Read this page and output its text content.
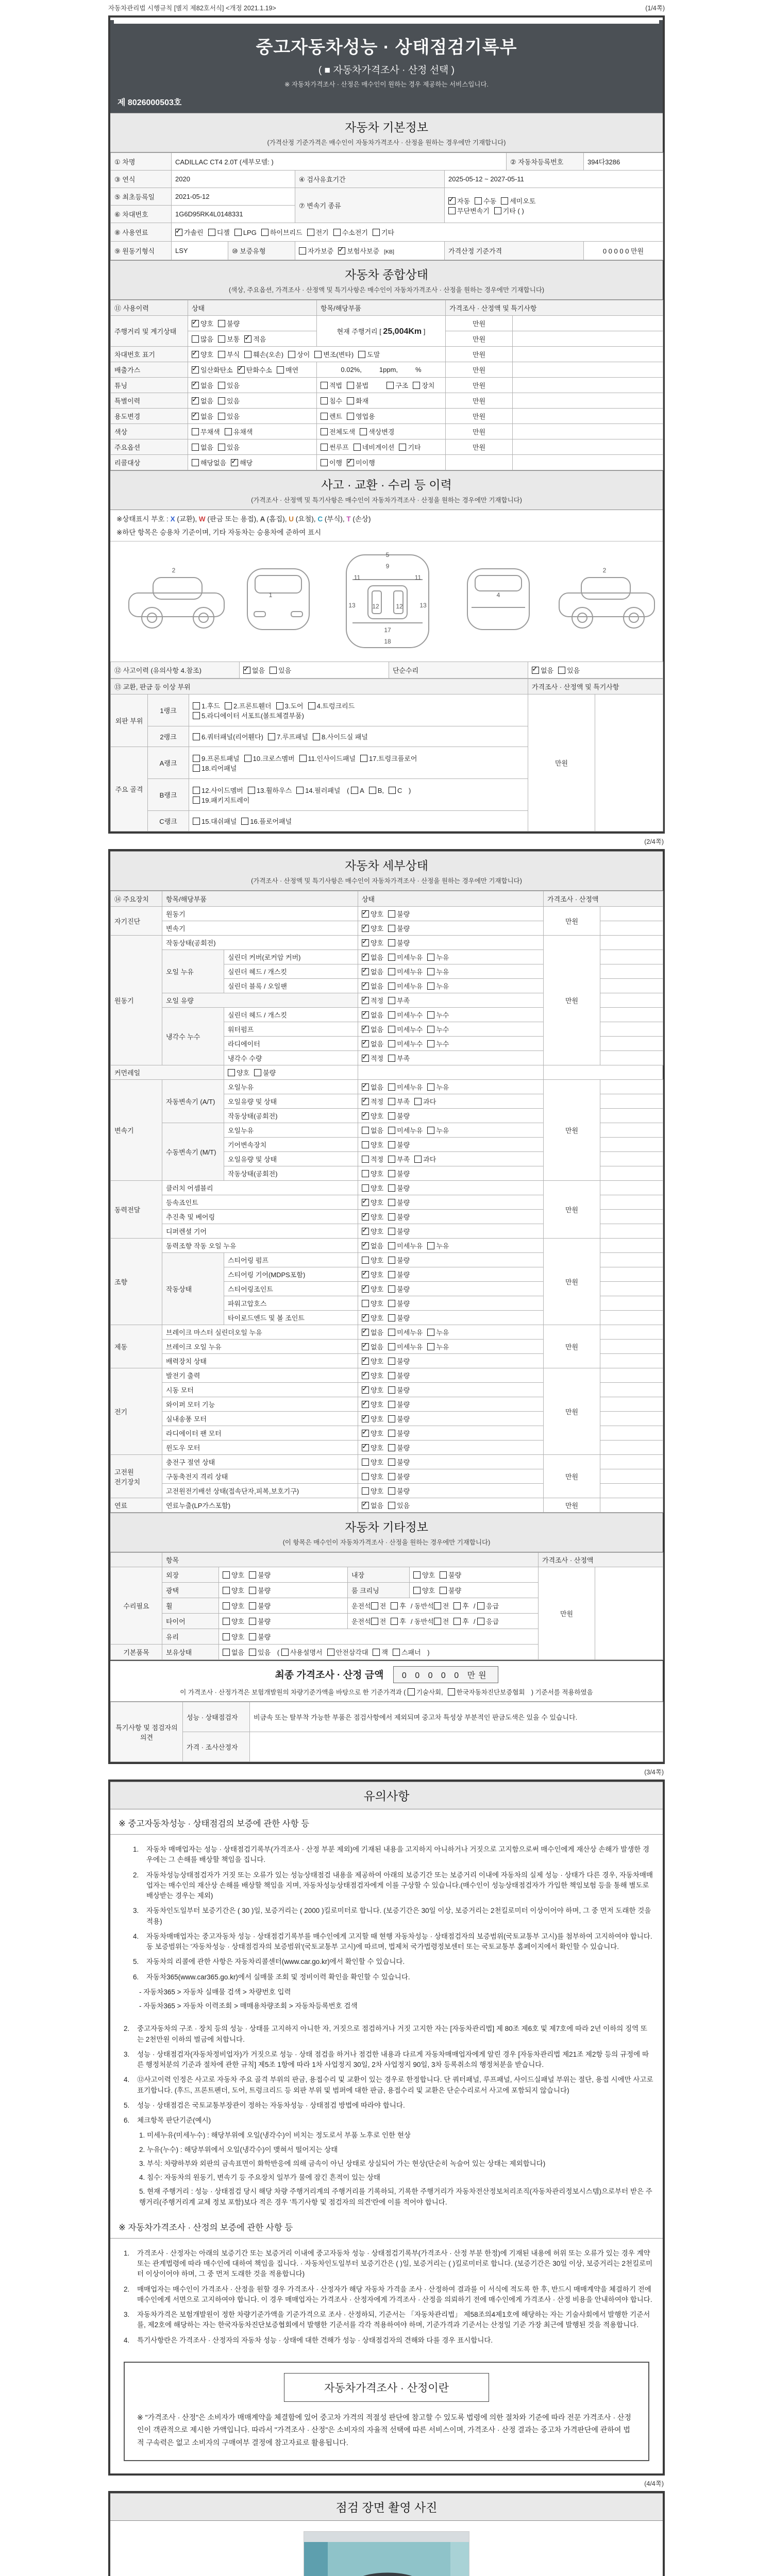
자동차관리법 시행규칙 [별지 제82호서식] <개정 2021.1.19>	(1/4쪽)
중고자동차성능 · 상태점검기록부
( ■ 자동차가격조사 · 산정 선택 )
※ 자동차가격조사 · 산정은 매수인이 원하는 경우 제공하는 서비스입니다.
제 8026000503호
자동차 기본정보
(가격산정 기준가격은 매수인이 자동차가격조사 · 산정을 원하는 경우에만 기재합니다)
① 차명	CADILLAC CT4 2.0T (세부모델: )				② 자동차등록번호	394다3286
③ 연식	2020		④ 검사유효기간	2025-05-12 ~ 2027-05-11		
⑤ 최초등록일	2021-05-12		⑦ 변속기 종류	✓자동 수동 세미오토
무단변속기 기타 ( )
⑥ 차대번호	1G6D95RK4L0148331					
⑧ 사용연료	✓가솔린 디젤 LPG 하이브리드 전기 수소전기 기타
⑨ 원동기형식	LSY	⑩ 보증유형	자가보증 ✓ 보험사보증 [KB]	가격산정 기준가격		0 0 0 0 0 만원
자동차 종합상태
(색상, 주요옵션, 가격조사 · 산정액 및 특기사항은 매수인이 자동차가격조사 · 산정을 원하는 경우에만 기재합니다)
⑪ 사용이력	상태	항목/해당부품	가격조사 · 산정액 및 특기사항	
주행거리 및 계기상태	✓양호 불량	현재 주행거리 [ 25,004Km ]	만원	
	많음 보통 ✓ 적음		만원	
차대번호 표기	✓양호 부식 훼손(오손) 상이 변조(변타) 도말		만원	
배출가스	✓일산화탄소 ✓ 탄화수소 매연	0.02%, 1ppm, %	만원	
튜닝	✓없음 있음	적법 불법 구조 장치	만원	
특별이력	✓없음 있음	침수 화재	만원	
용도변경	✓없음 있음	렌트 영업용	만원	
색상	무채색 유채색	전체도색 색상변경	만원	
주요옵션	없음 있음	썬루프 네비게이션 기타	만원	
리콜대상	해당없음 ✓ 해당	이행 ✓ 미이행		
사고 · 교환 · 수리 등 이력
(가격조사 · 산정액 및 특기사항은 매수인이 자동차가격조사 · 산정을 원하는 경우에만 기재합니다)
※상태표시 부호 : X (교환), W (판금 또는 용접), A (흠집), U (요철), C (부식), T (손상)
※하단 항목은 승용차 기준이며, 기타 자동차는 승용차에 준하여 표시
2
1
5
9
11	11
13	13
12	12
17
18
4
2
⑫ 사고이력 (유의사항 4.참조)	✓없음 있음	단순수리	✓없음 있음
⑬ 교환, 판금 등 이상 부위			가격조사 · 산정액 및 특기사항	
외판 부위	1랭크	1.후드 2.프론트휀더 3.도어 4.트렁크리드
5.라디에이터 서포트(볼트체결부품)	만원	
	2랭크	6.쿼터패널(리어휀다) 7.루프패널 8.사이드실 패널		
주요 골격	A랭크	9.프론트패널 10.크로스멤버 11.인사이드패널 17.트렁크플로어
18.리어패널		
	B랭크	12.사이드멤버 13.휠하우스 14.필러패널 ( A B, C )
19.패키지트레이		
	C랭크	15.대쉬패널 16.플로어패널		
(2/4쪽)
자동차 세부상태
(가격조사 · 산정액 및 특기사항은 매수인이 자동차가격조사 · 산정을 원하는 경우에만 기재합니다)
⑭ 주요장치	항목/해당부품		상태	가격조사 · 산정액	
자기진단	원동기	✓양호 불량	만원	
	변속기	✓양호 불량	
원동기	작동상태(공회전)	✓양호 불량	만원	
	오일 누유	실린더 커버(로커암 커버)	✓없음 미세누유 누유	
		실린더 헤드 / 개스킷	✓없음 미세누유 누유	
		실린더 블록 / 오일팬	✓없음 미세누유 누유	
	오일 유량	✓적정 부족	
	냉각수 누수	실린더 헤드 / 개스킷	✓없음 미세누수 누수	
		워터펌프	✓없음 미세누수 누수	
		라디에이터	✓없음 미세누수 누수	
		냉각수 수량	✓적정 부족	
커먼레일		양호 불량			
변속기	자동변속기 (A/T)	오일누유	✓없음 미세누유 누유	만원	
		오일유량 및 상태	✓적정 부족 과다	
		작동상태(공회전)	✓양호 불량	
	수동변속기 (M/T)	오일누유	없음 미세누유 누유		
		기어변속장치	양호 불량		
		오일유량 및 상태	적정 부족 과다		
		작동상태(공회전)	양호 불량		
동력전달	클러치 어셈블리		양호 불량	만원	
	등속죠인트	✓양호 불량	
	추진축 및 베어링	✓양호 불량	
	디퍼렌셜 기어	✓양호 불량	
조향	동력조향 작동 오일 누유	✓없음 미세누유 누유	만원	
	작동상태	스티어링 펌프	양호 불량		
		스티어링 기어(MDPS포함)	✓양호 불량	
		스티어링조인트	✓양호 불량	
		파워고압호스	양호 불량		
		타이로드엔드 및 볼 조인트	✓양호 불량	
제동	브레이크 마스터 실린더오일 누유	✓없음 미세누유 누유	만원	
	브레이크 오일 누유	✓없음 미세누유 누유	
	배력장치 상태	✓양호 불량	
전기	발전기 출력	✓양호 불량	만원	
	시동 모터	✓양호 불량	
	와이퍼 모터 기능	✓양호 불량	
	실내송풍 모터	✓양호 불량	
	라디에이터 팬 모터	✓양호 불량	
	윈도우 모터	✓양호 불량	
고전원 전기장치	충전구 절연 상태		양호 불량	만원	
	구동축전지 격리 상태		양호 불량		
	고전원전기배선 상태(접속단자,피복,보호기구)		양호 불량		
연료	연료누출(LP가스포함)	✓없음 있음	만원	
자동차 기타정보
(이 항목은 매수인이 자동차가격조사 · 산정을 원하는 경우에만 기재합니다)
	항목				가격조사 · 산정액	
수리필요	외장	양호 불량	내장	양호 불량	만원	
	광택	양호 불량	룸 크리닝	양호 불량		
	휠	양호 불량	운전석 전 후 / 동반석 전 후 / 응급			
	타이어	양호 불량	운전석 전 후 / 동반석 전 후 / 응급			
	유리	양호 불량				
기본품목	보유상태	없음 있음 ( 사용설명서 안전삼각대 잭 스패너 )				
최종 가격조사 · 산정 금액 0 0 0 0 0 만원
이 가격조사 · 산정가격은 보험개발원의 차량기준가액을 바탕으로 한 기준가격과 ( 기술사회, 한국자동차진단보증협회 ) 기준서를 적용하였음
특기사항 및 점검자의 의견	성능 · 상태점검자	비금속 또는 탈부착 가능한 부품은 점검사항에서 제외되며 중고차 특성상 부분적인 판금도색은 있을 수 있습니다.
	가격 · 조사산정자	
(3/4쪽)
유의사항
※ 중고자동차성능 · 상태점검의 보증에 관한 사항 등
1.	자동차 매매업자는 성능 · 상태점검기록부(가격조사 · 산정 부분 제외)에 기재된 내용을 고지하지 아니하거나 거짓으로 고지함으로써 매수인에게 재산상 손해가 발생한 경우에는 그 손해를 배상할 책임을 집니다.
2.	자동차성능상태점검자가 거짓 또는 오류가 있는 성능상태점검 내용을 제공하여 아래의 보증기간 또는 보증거리 이내에 자동차의 실제 성능 · 상태가 다른 경우, 자동차매매업자는 매수인의 재산상 손해를 배상할 책임을 지며, 자동차성능상태점검자에게 이를 구상할 수 있습니다.(매수인이 성능상태점검자가 가입한 책임보험 등을 통해 별도로 배상받는 경우는 제외)
3.	자동차인도일부터 보증기간은 ( 30 )일, 보증거리는 ( 2000 )킬로미터로 합니다. (보증기간은 30일 이상, 보증거리는 2천킬로미터 이상이어야 하며, 그 중 먼저 도래한 것을 적용)
4.	자동차매매업자는 중고자동차 성능 · 상태점검기록부를 매수인에게 고지할 때 현행 자동차성능 · 상태점검자의 보증범위(국토교통부 고시)를 첨부하여 고지하여야 합니다. 동 보증범위는 '자동차성능 · 상태점검자의 보증범위'(국토교통부 고시)에 따르며, 법제처 국가법령정보센터 또는 국토교통부 홈페이지에서 확인할 수 있습니다.
5.	자동차의 리콜에 관한 사항은 자동차리콜센터(www.car.go.kr)에서 확인할 수 있습니다.
6.	자동차365(www.car365.go.kr)에서 실매물 조회 및 정비이력 확인을 확인할 수 있습니다.
- 자동차365 > 자동차 실매물 검색 > 차량번호 입력
- 자동차365 > 자동차 이력조회 > 매매용차량조회 > 자동차등록번호 검색
2.	중고자동차의 구조 · 장치 등의 성능 · 상태를 고지하지 아니한 자, 거짓으로 점검하거나 거짓 고지한 자는 [자동차관리법] 제 80조 제6호 및 제7호에 따라 2년 이하의 징역 또는 2천만원 이하의 벌금에 처합니다.
3.	성능 · 상태점검자(자동차정비업자)가 거짓으로 성능 · 상태 점검을 하거나 점검한 내용과 다르게 자동차매매업자에게 알린 경우 [자동차관리법 제21조 제2항 등의 규정에 따른 행정처분의 기준과 절차에 관한 규칙] 제5조 1항에 따라 1차 사업정지 30일, 2차 사업정지 90일, 3차 등록취소의 행정처분을 받습니다.
4.	⑫사고이력 인정은 사고로 자동차 주요 골격 부위의 판금, 용접수리 및 교환이 있는 경우로 한정합니다. 단 쿼터패널, 루프패널, 사이드실패널 부위는 절단, 용접 시에만 사고로 표기합니다. (후드, 프론트펜더, 도어, 트렁크리드 등 외판 부위 및 범퍼에 대한 판금, 용접수리 및 교환은 단순수리로서 사고에 포함되지 않습니다)
5.	성능 · 상태점검은 국토교통부장관이 정하는 자동차성능 · 상태점검 방법에 따라야 합니다.
6.	체크항목 판단기준(예시)
1. 미세누유(미세누수) : 해당부위에 오일(냉각수)이 비치는 정도로서 부품 노후로 인한 현상
2. 누유(누수) : 해당부위에서 오일(냉각수)이 맺혀서 떨어지는 상태
3. 부식: 차량하부와 외판의 금속표면이 화학반응에 의해 금속이 아닌 상태로 상실되어 가는 현상(단순히 녹슬어 있는 상태는 제외합니다)
4. 침수: 자동차의 원동기, 변속기 등 주요장치 일부가 물에 잠긴 흔적이 있는 상태
5. 현재 주행거리 : 성능 · 상태점검 당시 해당 차량 주행거리계의 주행거리를 기록하되, 기록한 주행거리가 자동차전산정보처리조직(자동차관리정보시스템)으로부터 받은 주행거리(주행거리계 교체 정보 포함)보다 적은 경우 '특기사항 및 점검자의 의견'란에 이를 적어야 합니다.
※ 자동차가격조사 · 산정의 보증에 관한 사항 등
1.	가격조사 · 산정자는 아래의 보증기간 또는 보증거리 이내에 중고자동차 성능 · 상태점검기록부(가격조사 · 산정 부분 한정)에 기재된 내용에 허위 또는 오류가 있는 경우 계약 또는 관계법령에 따라 매수인에 대하여 책임을 집니다. · 자동차인도일부터 보증기간은 ( )일, 보증거리는 ( )킬로미터로 합니다. (보증기간은 30일 이상, 보증거리는 2천킬로미터 이상이어야 하며, 그 중 먼저 도래한 것을 적용합니다)
2.	매매업자는 매수인이 가격조사 · 산정을 원할 경우 가격조사 · 산정자가 해당 자동차 가격을 조사 · 산정하여 결과를 이 서식에 적도록 한 후, 반드시 매매계약을 체결하기 전에 매수인에게 서면으로 고지하여야 합니다. 이 경우 매매업자는 가격조사 · 산정자에게 가격조사 · 산정을 의뢰하기 전에 매수인에게 가격조사 · 산정 비용을 안내하여야 합니다.
3.	자동차가격은 보험개발원이 정한 차량기준가액을 기준가격으로 조사 · 산정하되, 기준서는 「자동차관리법」 제58조의4제1호에 해당하는 자는 기술사회에서 발행한 기준서를, 제2호에 해당하는 자는 한국자동차진단보증협회에서 발행한 기준서를 각각 적용하여야 하며, 기준가격과 기준서는 산정일 기준 가장 최근에 발행된 것을 적용합니다.
4.	특기사항란은 가격조사 · 산정자의 자동차 성능 · 상태에 대한 견해가 성능 · 상태점검자의 견해와 다를 경우 표시합니다.
자동차가격조사 · 산정이란
※ "가격조사 · 산정"은 소비자가 매매계약을 체결함에 있어 중고차 가격의 적절성 판단에 참고할 수 있도록 법령에 의한 절차와 기준에 따라 전문 가격조사 · 산정인이 객관적으로 제시한 가액입니다. 따라서 "가격조사 · 산정"은 소비자의 자율적 선택에 따른 서비스이며, 가격조사 · 산정 결과는 중고차 가격판단에 관하여 법적 구속력은 없고 소비자의 구매여부 결정에 참고자료로 활용됩니다.
(4/4쪽)
점검 장면 촬영 사진
